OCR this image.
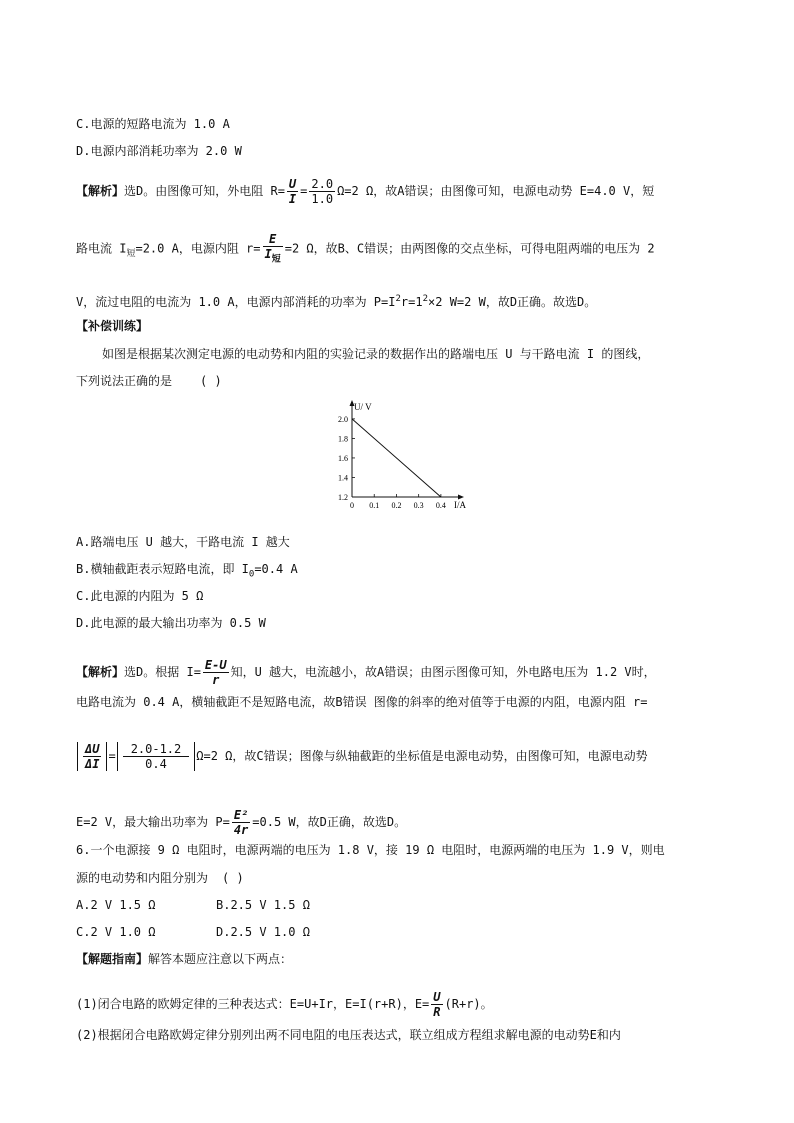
C.电源的短路电流为 1.0 A
D.电源内部消耗功率为 2.0 W
【解析】选D。由图像可知，外电阻 $R= \frac{U}{I} = \frac{2.0}{1.0} \Omega=2$ Ω，故A错误；由图像可知，电源电动势 E=4.0 V，短
路电流 $I_短=2.0$ A，电源内阻 $r= \frac{E}{I_短} =2$ Ω，故B、C错误；由两图像的交点坐标，可得电阻两端的电压为 2
V，流过电阻的电流为 1.0 A，电源内部消耗的功率为 $P=I^2r=1^2\times 2$ W=2 W，故D正确。故选D。
【补偿训练】
如图是根据某次测定电源的电动势和内阻的实验记录的数据作出的路端电压 U 与干路电流 I 的图线，
下列说法正确的是 ( )
U/ V
I/A
0 0.1 0.2 0.3 0.4
1.2
1.4
1.6
1.8
2.0
A.路端电压 U 越大，干路电流 I 越大
B.横轴截距表示短路电流，即 $I_0=0.4$ A
C.此电源的内阻为 5 Ω
D.此电源的最大输出功率为 0.5 W
【解析】选D。根据 $I= \frac{E-U}{r}$ 知，U 越大，电流越小，故A错误；由图示图像可知，外电路电压为 1.2 V时，
电路电流为 0.4 A，横轴截距不是短路电流，故B错误 图像的斜率的绝对值等于电源的内阻，电源内阻 r=
$\frac{\Delta U}{\Delta I} = \frac{2.0-1.2}{0.4} \Omega=2$ Ω，故C错误；图像与纵轴截距的坐标值是电源电动势，由图像可知，电源电动势
E=2 V，最大输出功率为 $P= \frac{\text{E²}}{4r} =0.5$ W，故D正确，故选D。
6.一个电源接 9 Ω 电阻时，电源两端的电压为 1.8 V，接 19 Ω 电阻时，电源两端的电压为 1.9 V，则电
源的电动势和内阻分别为 ( )
A.2 V 1.5 Ω	B.2.5 V 1.5 Ω
C.2 V 1.0 Ω	D.2.5 V 1.0 Ω
【解题指南】解答本题应注意以下两点：
(1)闭合电路的欧姆定律的三种表达式：E=U+Ir，E=I(r+R)，$E= \frac{U}{R} (R+r)$。
(2)根据闭合电路欧姆定律分别列出两不同电阻的电压表达式，联立组成方程组求解电源的电动势E和内
